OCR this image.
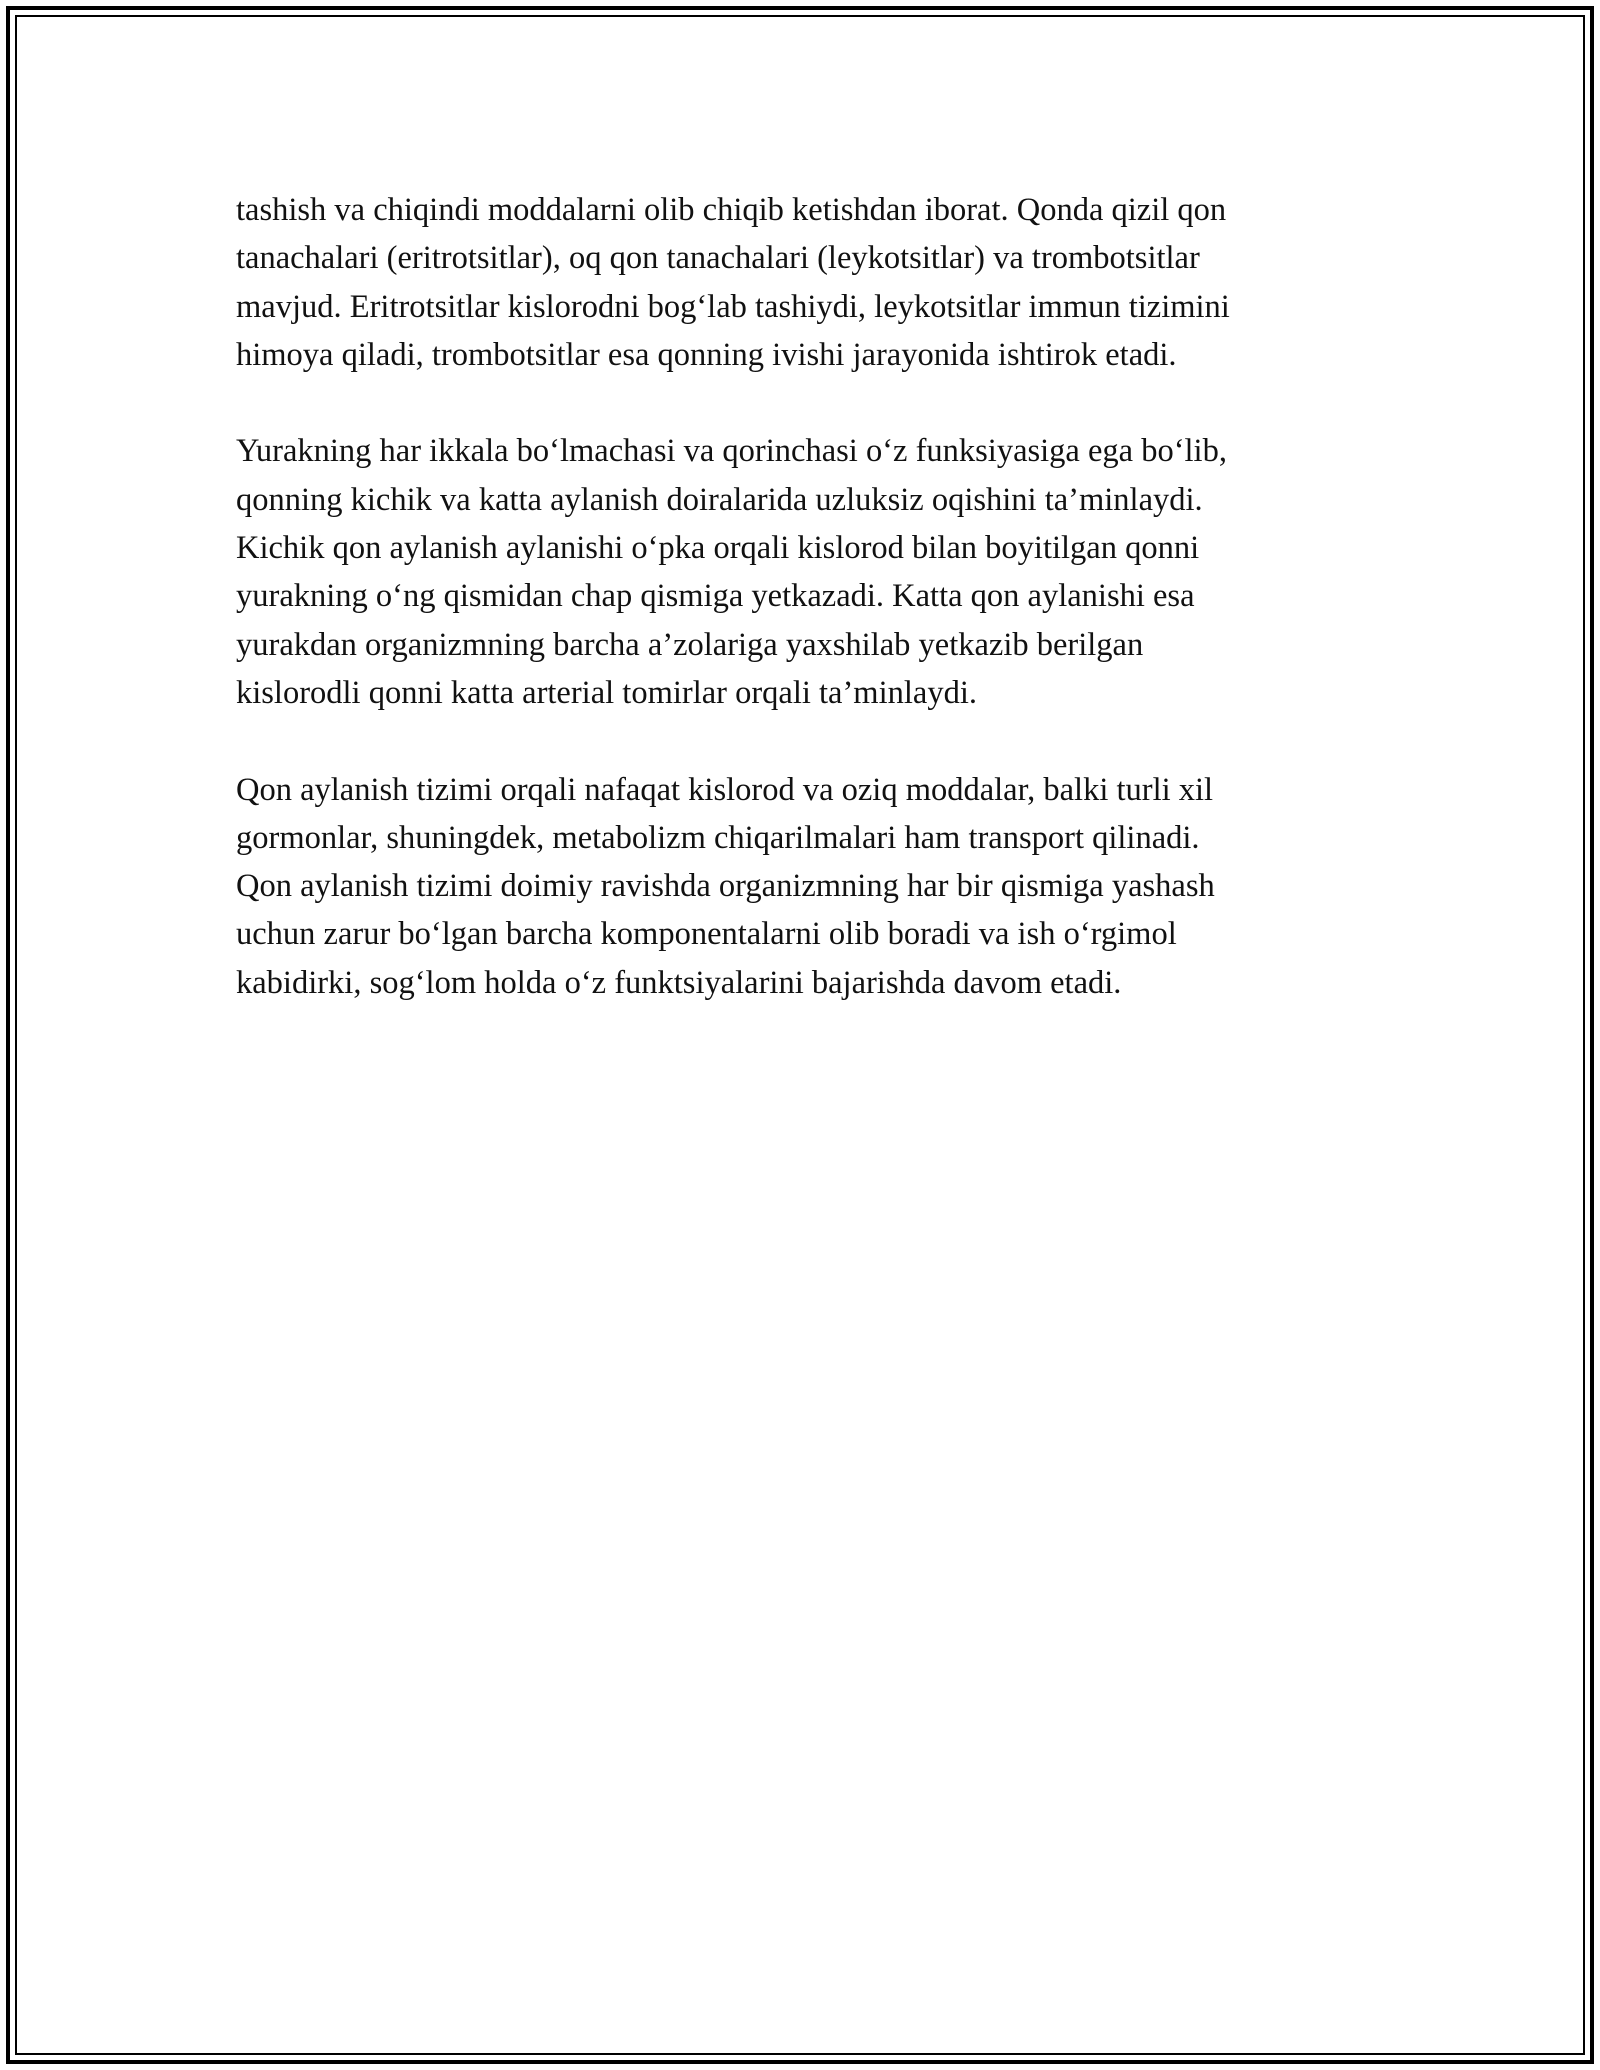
tashish va chiqindi moddalarni olib chiqib ketishdan iborat. Qonda qizil qon
tanachalari (eritrotsitlar), oq qon tanachalari (leykotsitlar) va trombotsitlar
mavjud. Eritrotsitlar kislorodni bog‘lab tashiydi, leykotsitlar immun tizimini
himoya qiladi, trombotsitlar esa qonning ivishi jarayonida ishtirok etadi.

Yurakning har ikkala bo‘lmachasi va qorinchasi o‘z funksiyasiga ega bo‘lib,
qonning kichik va katta aylanish doiralarida uzluksiz oqishini ta’minlaydi.
Kichik qon aylanish aylanishi o‘pka orqali kislorod bilan boyitilgan qonni
yurakning o‘ng qismidan chap qismiga yetkazadi. Katta qon aylanishi esa
yurakdan organizmning barcha a’zolariga yaxshilab yetkazib berilgan
kislorodli qonni katta arterial tomirlar orqali ta’minlaydi.

Qon aylanish tizimi orqali nafaqat kislorod va oziq moddalar, balki turli xil
gormonlar, shuningdek, metabolizm chiqarilmalari ham transport qilinadi.
Qon aylanish tizimi doimiy ravishda organizmning har bir qismiga yashash
uchun zarur bo‘lgan barcha komponentalarni olib boradi va ish o‘rgimol
kabidirki, sog‘lom holda o‘z funktsiyalarini bajarishda davom etadi.
